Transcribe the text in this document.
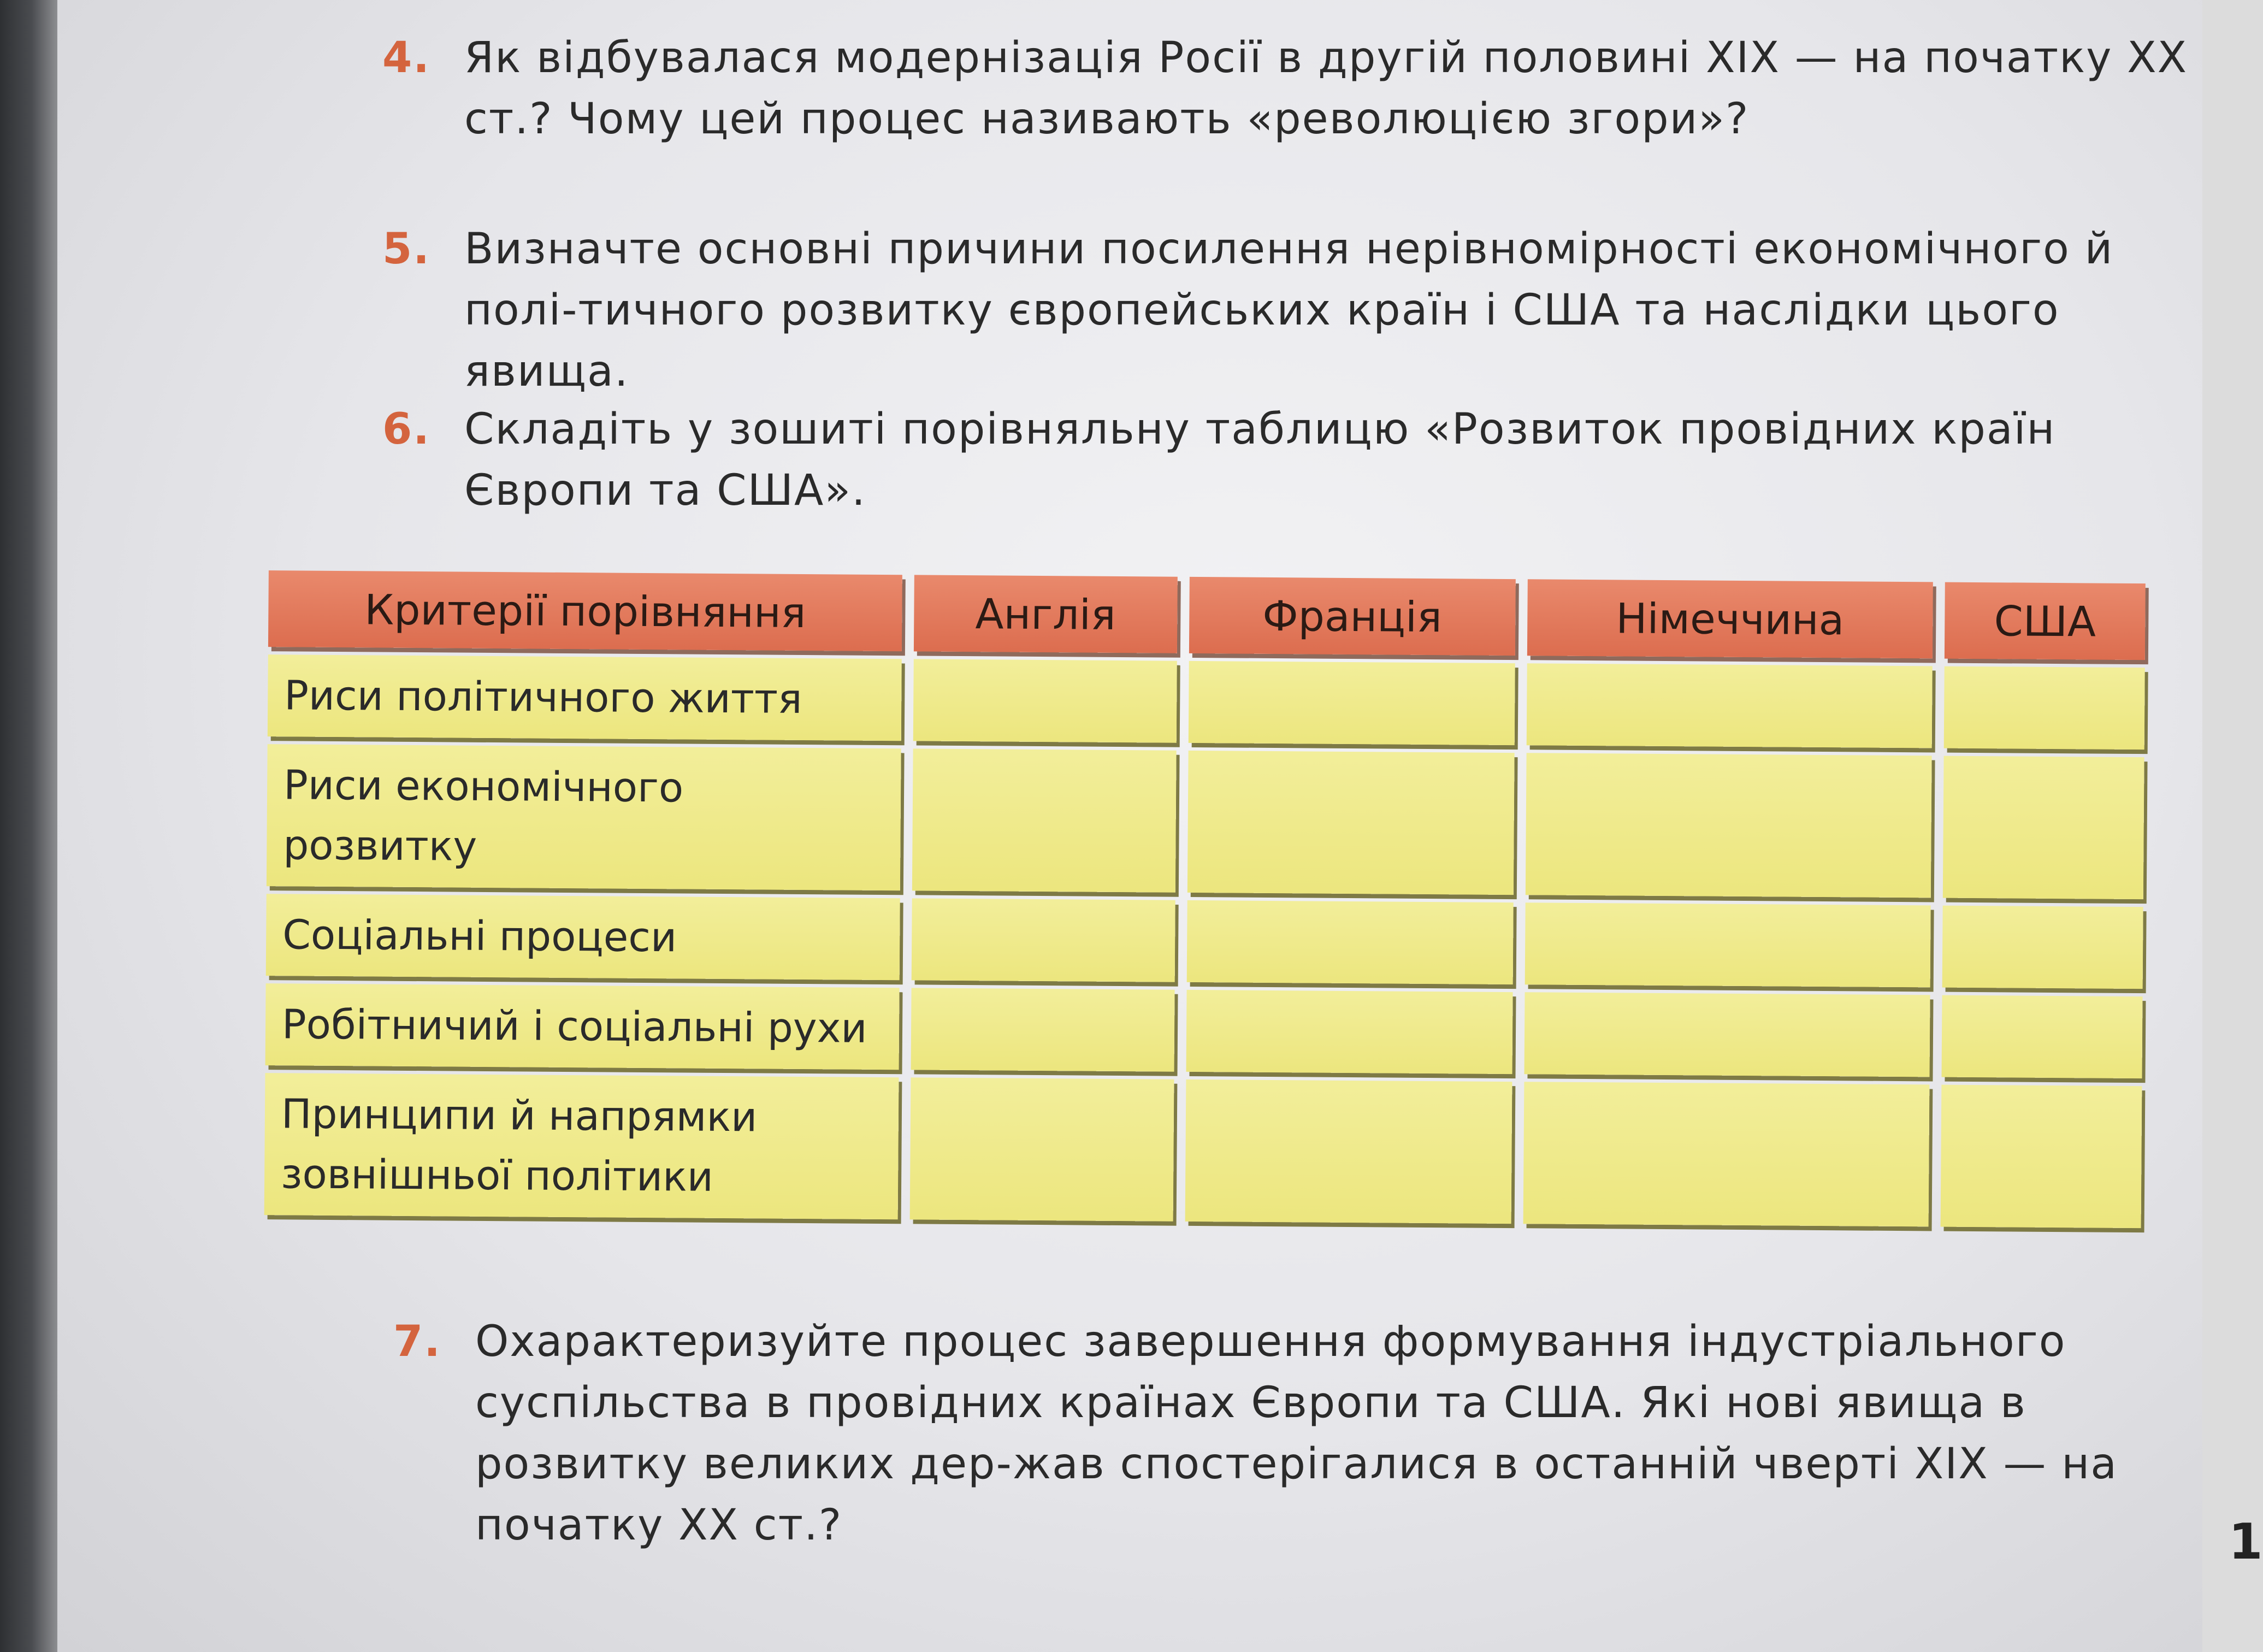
4. Як відбувалася модернізація Росії в другій половині XIX — на початку XX ст.? Чому цей процес називають «революцією згори»?
5. Визначте основні причини посилення нерівномірності економічного й полі-тичного розвитку європейських країн і США та наслідки цього явища.
6. Складіть у зошиті порівняльну таблицю «Розвиток провідних країн Європи та США».
7. Охарактеризуйте процес завершення формування індустріального суспільства в провідних країнах Європи та США. Які нові явища в розвитку великих дер-жав спостерігалися в останній чверті XIX — на початку XX ст.?	1
Критерії порівняння	Англія	Франція	Німеччина	США
Риси політичного життя				
Риси економічного розвитку				
Соціальні процеси				
Робітничий і соціальні рухи				
Принципи й напрямки зовнішньої політики				
